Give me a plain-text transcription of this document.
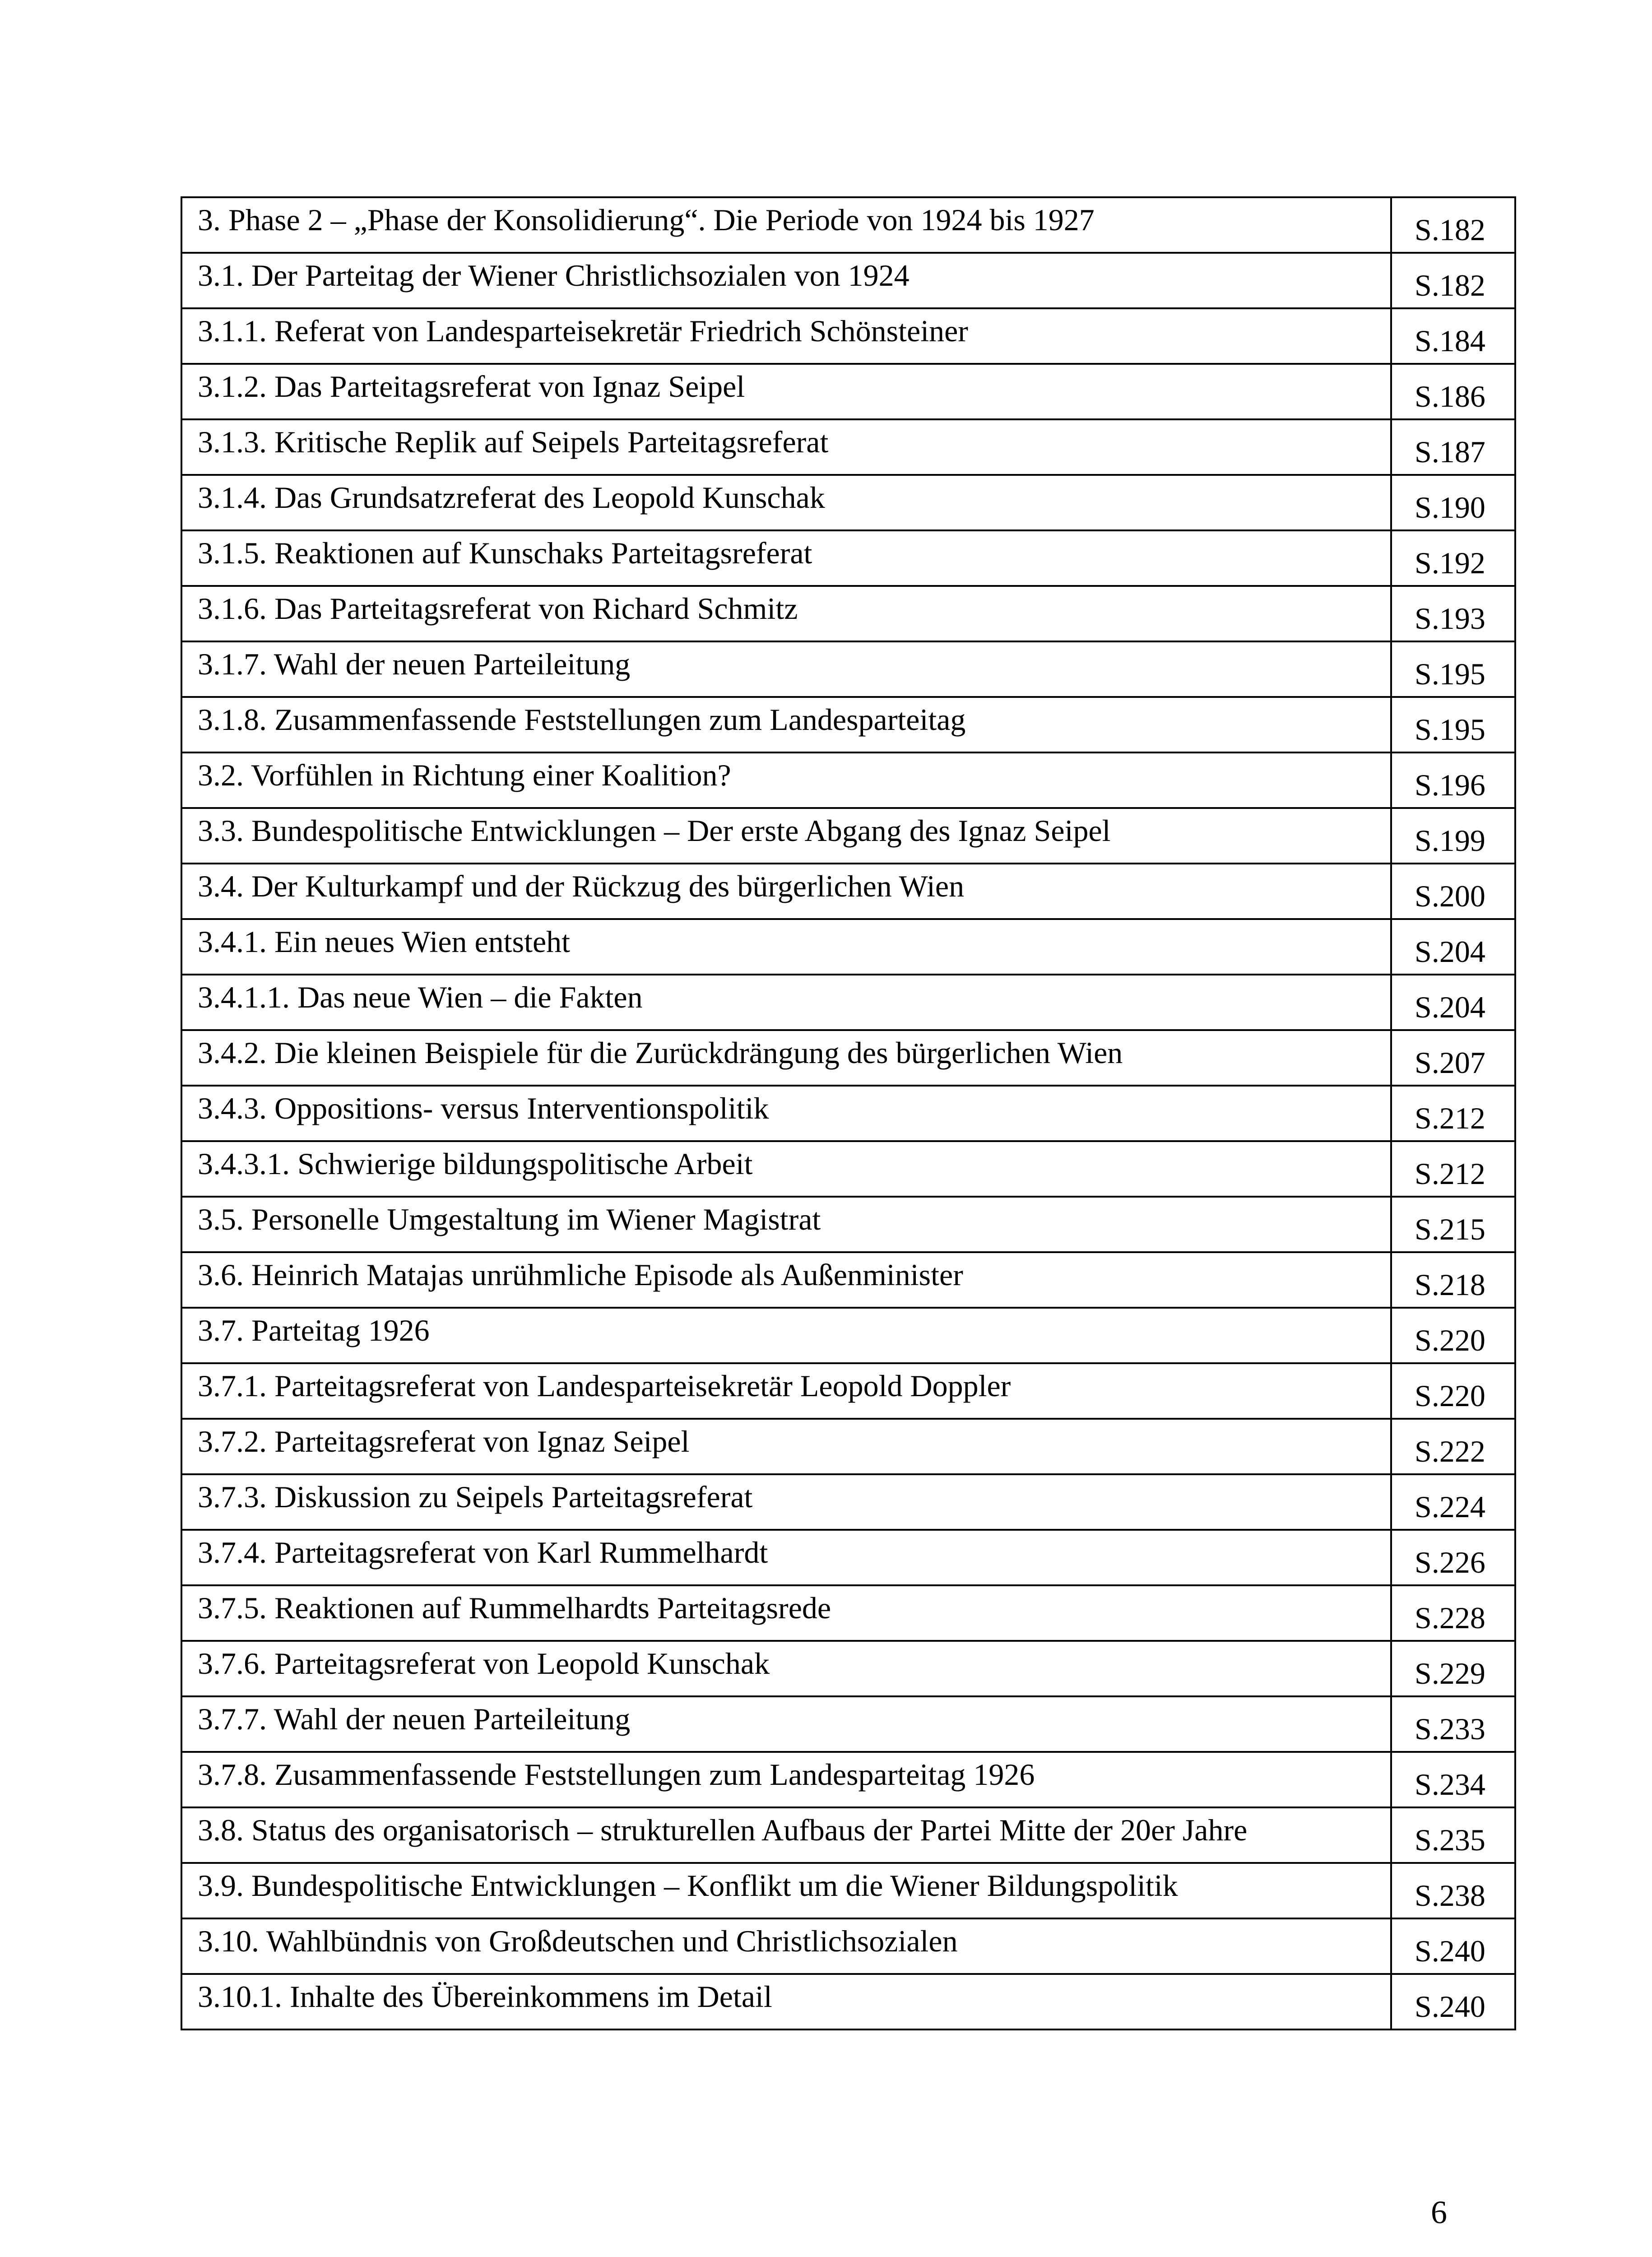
3. Phase 2 – „Phase der Konsolidierung“. Die Periode von 1924 bis 1927	S.182
3.1. Der Parteitag der Wiener Christlichsozialen von 1924	S.182
3.1.1. Referat von Landesparteisekretär Friedrich Schönsteiner	S.184
3.1.2. Das Parteitagsreferat von Ignaz Seipel	S.186
3.1.3. Kritische Replik auf Seipels Parteitagsreferat	S.187
3.1.4. Das Grundsatzreferat des Leopold Kunschak	S.190
3.1.5. Reaktionen auf Kunschaks Parteitagsreferat	S.192
3.1.6. Das Parteitagsreferat von Richard Schmitz	S.193
3.1.7. Wahl der neuen Parteileitung	S.195
3.1.8. Zusammenfassende Feststellungen zum Landesparteitag	S.195
3.2. Vorfühlen in Richtung einer Koalition?	S.196
3.3. Bundespolitische Entwicklungen – Der erste Abgang des Ignaz Seipel	S.199
3.4. Der Kulturkampf und der Rückzug des bürgerlichen Wien	S.200
3.4.1. Ein neues Wien entsteht	S.204
3.4.1.1. Das neue Wien – die Fakten	S.204
3.4.2. Die kleinen Beispiele für die Zurückdrängung des bürgerlichen Wien	S.207
3.4.3. Oppositions- versus Interventionspolitik	S.212
3.4.3.1. Schwierige bildungspolitische Arbeit	S.212
3.5. Personelle Umgestaltung im Wiener Magistrat	S.215
3.6. Heinrich Matajas unrühmliche Episode als Außenminister	S.218
3.7. Parteitag 1926	S.220
3.7.1. Parteitagsreferat von Landesparteisekretär Leopold Doppler	S.220
3.7.2. Parteitagsreferat von Ignaz Seipel	S.222
3.7.3. Diskussion zu Seipels Parteitagsreferat	S.224
3.7.4. Parteitagsreferat von Karl Rummelhardt	S.226
3.7.5. Reaktionen auf Rummelhardts Parteitagsrede	S.228
3.7.6. Parteitagsreferat von Leopold Kunschak	S.229
3.7.7. Wahl der neuen Parteileitung	S.233
3.7.8. Zusammenfassende Feststellungen zum Landesparteitag 1926	S.234
3.8. Status des organisatorisch – strukturellen Aufbaus der Partei Mitte der 20er Jahre	S.235
3.9. Bundespolitische Entwicklungen – Konflikt um die Wiener Bildungspolitik	S.238
3.10. Wahlbündnis von Großdeutschen und Christlichsozialen	S.240
3.10.1. Inhalte des Übereinkommens im Detail	S.240
6
